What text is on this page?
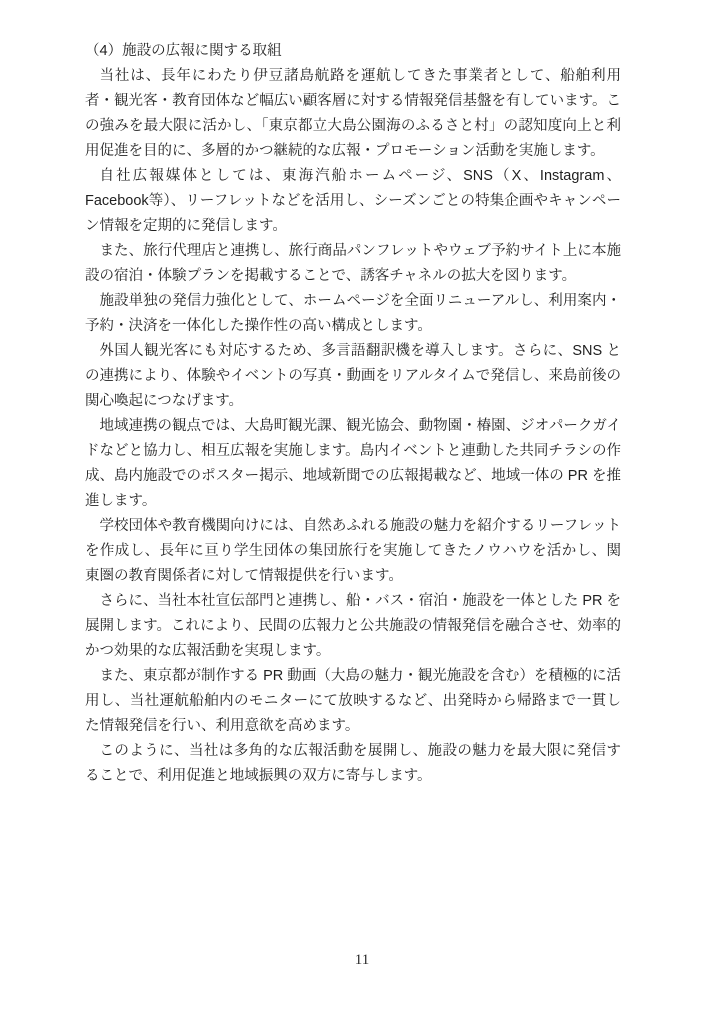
（4）施設の広報に関する取組

当社は、長年にわたり伊豆諸島航路を運航してきた事業者として、船舶利用者・観光客・教育団体など幅広い顧客層に対する情報発信基盤を有しています。この強みを最大限に活かし、「東京都立大島公園海のふるさと村」の認知度向上と利用促進を目的に、多層的かつ継続的な広報・プロモーション活動を実施します。

自社広報媒体としては、東海汽船ホームページ、SNS（X、Instagram、Facebook等）、リーフレットなどを活用し、シーズンごとの特集企画やキャンペーン情報を定期的に発信します。

また、旅行代理店と連携し、旅行商品パンフレットやウェブ予約サイト上に本施設の宿泊・体験プランを掲載することで、誘客チャネルの拡大を図ります。

施設単独の発信力強化として、ホームページを全面リニューアルし、利用案内・予約・決済を一体化した操作性の高い構成とします。

外国人観光客にも対応するため、多言語翻訳機を導入します。さらに、SNS との連携により、体験やイベントの写真・動画をリアルタイムで発信し、来島前後の関心喚起につなげます。

地域連携の観点では、大島町観光課、観光協会、動物園・椿園、ジオパークガイドなどと協力し、相互広報を実施します。島内イベントと連動した共同チラシの作成、島内施設でのポスター掲示、地域新聞での広報掲載など、地域一体の PR を推進します。

学校団体や教育機関向けには、自然あふれる施設の魅力を紹介するリーフレットを作成し、長年に亘り学生団体の集団旅行を実施してきたノウハウを活かし、関東圏の教育関係者に対して情報提供を行います。

さらに、当社本社宣伝部門と連携し、船・バス・宿泊・施設を一体とした PR を展開します。これにより、民間の広報力と公共施設の情報発信を融合させ、効率的かつ効果的な広報活動を実現します。

また、東京都が制作する PR 動画（大島の魅力・観光施設を含む）を積極的に活用し、当社運航船舶内のモニターにて放映するなど、出発時から帰路まで一貫した情報発信を行い、利用意欲を高めます。

このように、当社は多角的な広報活動を展開し、施設の魅力を最大限に発信することで、利用促進と地域振興の双方に寄与します。

11
